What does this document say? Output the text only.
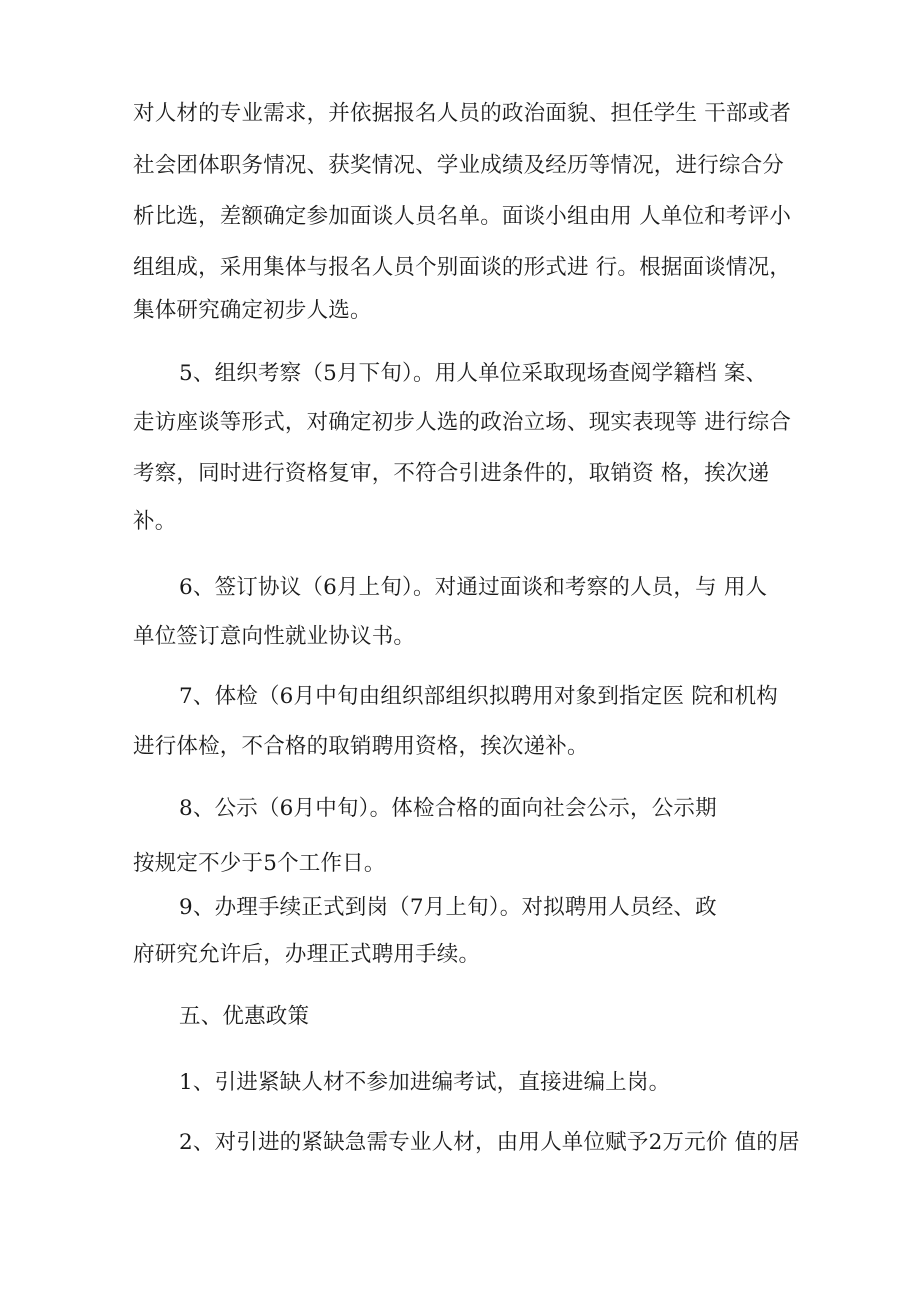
对人材的专业需求，并依据报名人员的政治面貌、担任学生 干部或者
社会团体职务情况、获奖情况、学业成绩及经历等情况，进行综合分
析比选，差额确定参加面谈人员名单。面谈小组由用 人单位和考评小
组组成，采用集体与报名人员个别面谈的形式进 行。根据面谈情况，
集体研究确定初步人选。
5、组织考察（5月下旬）。用人单位采取现场查阅学籍档 案、
走访座谈等形式，对确定初步人选的政治立场、现实表现等 进行综合
考察，同时进行资格复审，不符合引进条件的，取销资 格，挨次递
补。
6、签订协议（6月上旬）。对通过面谈和考察的人员，与 用人
单位签订意向性就业协议书。
7、体检（6月中旬由组织部组织拟聘用对象到指定医 院和机构
进行体检，不合格的取销聘用资格，挨次递补。
8、公示（6月中旬）。体检合格的面向社会公示，公示期
按规定不少于5个工作日。
9、办理手续正式到岗（7月上旬）。对拟聘用人员经、政
府研究允许后，办理正式聘用手续。
五、优惠政策
1、引进紧缺人材不参加进编考试，直接进编上岗。
2、对引进的紧缺急需专业人材，由用人单位赋予2万元价 值的居
